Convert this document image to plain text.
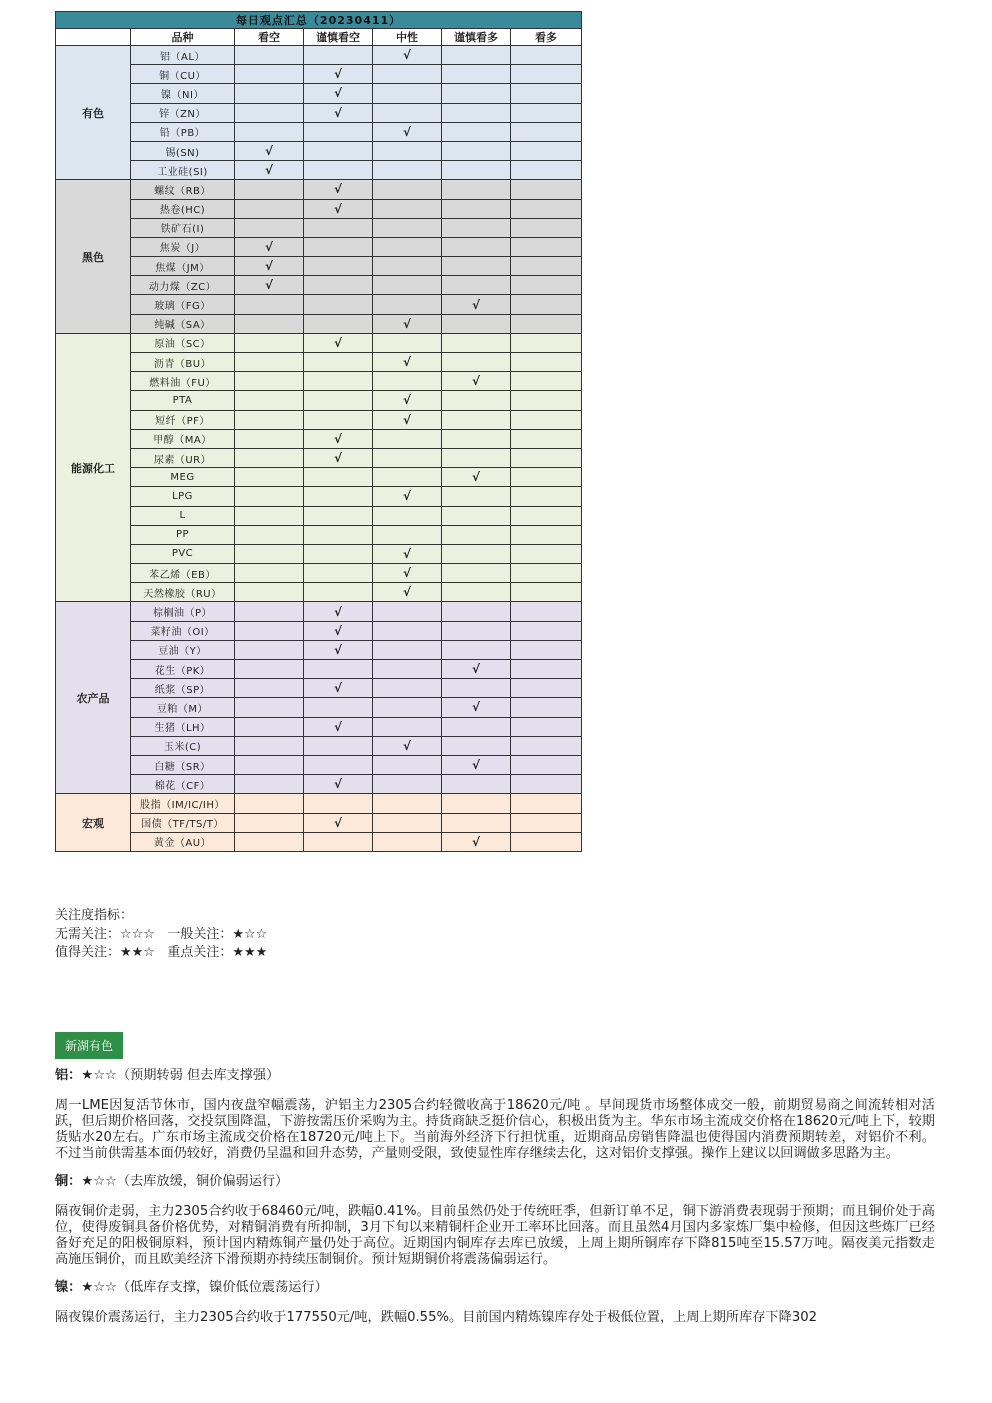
每日观点汇总（20230411）						
	品种	看空	谨慎看空	中性	谨慎看多	看多
有色	铝（AL）			√		
	铜（CU）		√			
	镍（NI）		√			
	锌（ZN）		√			
	铅（PB）			√		
	锡(SN)	√				
	工业硅(SI)	√				
黑色	螺纹（RB）		√			
	热卷(HC)		√			
	铁矿石(I)					
	焦炭（J）	√				
	焦煤（JM）	√				
	动力煤（ZC）	√				
	玻璃（FG）				√	
	纯碱（SA）			√		
能源化工	原油（SC）		√			
	沥青（BU）			√		
	燃料油（FU）				√	
	PTA			√		
	短纤（PF）			√		
	甲醇（MA）		√			
	尿素（UR）		√			
	MEG				√	
	LPG			√		
	L					
	PP					
	PVC			√		
	苯乙烯（EB）			√		
	天然橡胶（RU）			√		
农产品	棕榈油（P）		√			
	菜籽油（OI）		√			
	豆油（Y）		√			
	花生（PK）				√	
	纸浆（SP）		√			
	豆粕（M）				√	
	生猪（LH）		√			
	玉米(C)			√		
	白糖（SR）				√	
	棉花（CF）		√			
宏观	股指（IM/IC/IH）					
	国债（TF/TS/T）		√			
	黄金（AU）				√	
关注度指标：
无需关注：☆☆☆   一般关注：★☆☆
值得关注：★★☆   重点关注：★★★
新湖有色
铝：★☆☆（预期转弱 但去库支撑强）
周一LME因复活节休市，国内夜盘窄幅震荡，沪铝主力2305合约轻微收高于18620元/吨 。早间现货市场整体成交一般，前期贸易商之间流转相对活跃，但后期价格回落，交投氛围降温，下游按需压价采购为主。持货商缺乏挺价信心，积极出货为主。华东市场主流成交价格在18620元/吨上下，较期货贴水20左右。广东市场主流成交价格在18720元/吨上下。当前海外经济下行担忧重，近期商品房销售降温也使得国内消费预期转差，对铝价不利。不过当前供需基本面仍较好，消费仍呈温和回升态势，产量则受限，致使显性库存继续去化，这对铝价支撑强。操作上建议以回调做多思路为主。
铜：★☆☆（去库放缓，铜价偏弱运行）
隔夜铜价走弱，主力2305合约收于68460元/吨，跌幅0.41%。目前虽然仍处于传统旺季，但新订单不足，铜下游消费表现弱于预期；而且铜价处于高位，使得废铜具备价格优势，对精铜消费有所抑制，3月下旬以来精铜杆企业开工率环比回落。而且虽然4月国内多家炼厂集中检修，但因这些炼厂已经备好充足的阳极铜原料，预计国内精炼铜产量仍处于高位。近期国内铜库存去库已放缓，上周上期所铜库存下降815吨至15.57万吨。隔夜美元指数走高施压铜价，而且欧美经济下滑预期亦持续压制铜价。预计短期铜价将震荡偏弱运行。
镍：★☆☆（低库存支撑，镍价低位震荡运行）
隔夜镍价震荡运行，主力2305合约收于177550元/吨，跌幅0.55%。目前国内精炼镍库存处于极低位置，上周上期所库存下降302
